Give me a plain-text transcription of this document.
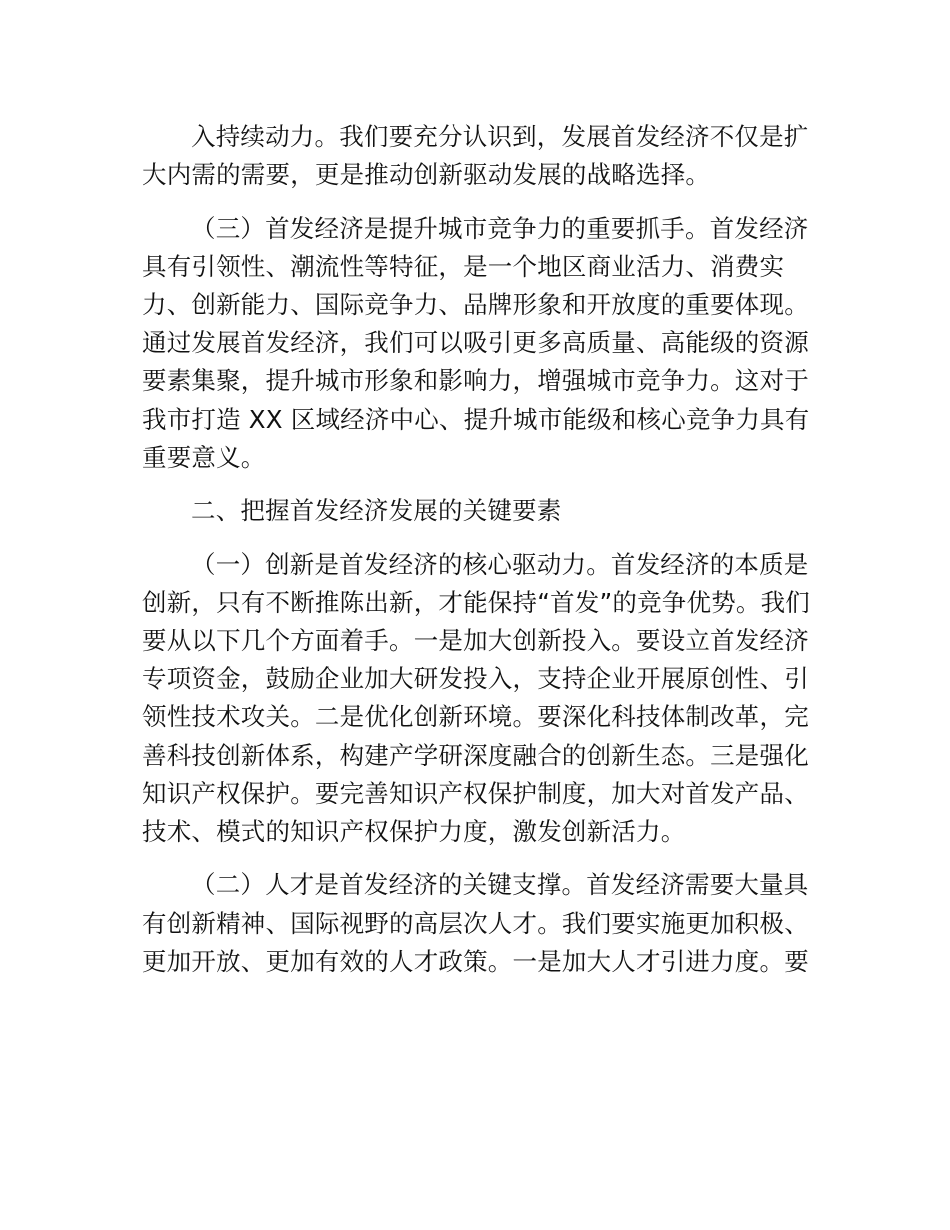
入持续动力。我们要充分认识到，发展首发经济不仅是扩大内需的需要，更是推动创新驱动发展的战略选择。

（三）首发经济是提升城市竞争力的重要抓手。首发经济具有引领性、潮流性等特征，是一个地区商业活力、消费实力、创新能力、国际竞争力、品牌形象和开放度的重要体现。通过发展首发经济，我们可以吸引更多高质量、高能级的资源要素集聚，提升城市形象和影响力，增强城市竞争力。这对于我市打造 XX 区域经济中心、提升城市能级和核心竞争力具有重要意义。

二、把握首发经济发展的关键要素

（一）创新是首发经济的核心驱动力。首发经济的本质是创新，只有不断推陈出新，才能保持“首发”的竞争优势。我们要从以下几个方面着手。一是加大创新投入。要设立首发经济专项资金，鼓励企业加大研发投入，支持企业开展原创性、引领性技术攻关。二是优化创新环境。要深化科技体制改革，完善科技创新体系，构建产学研深度融合的创新生态。三是强化知识产权保护。要完善知识产权保护制度，加大对首发产品、技术、模式的知识产权保护力度，激发创新活力。

（二）人才是首发经济的关键支撑。首发经济需要大量具有创新精神、国际视野的高层次人才。我们要实施更加积极、更加开放、更加有效的人才政策。一是加大人才引进力度。要
